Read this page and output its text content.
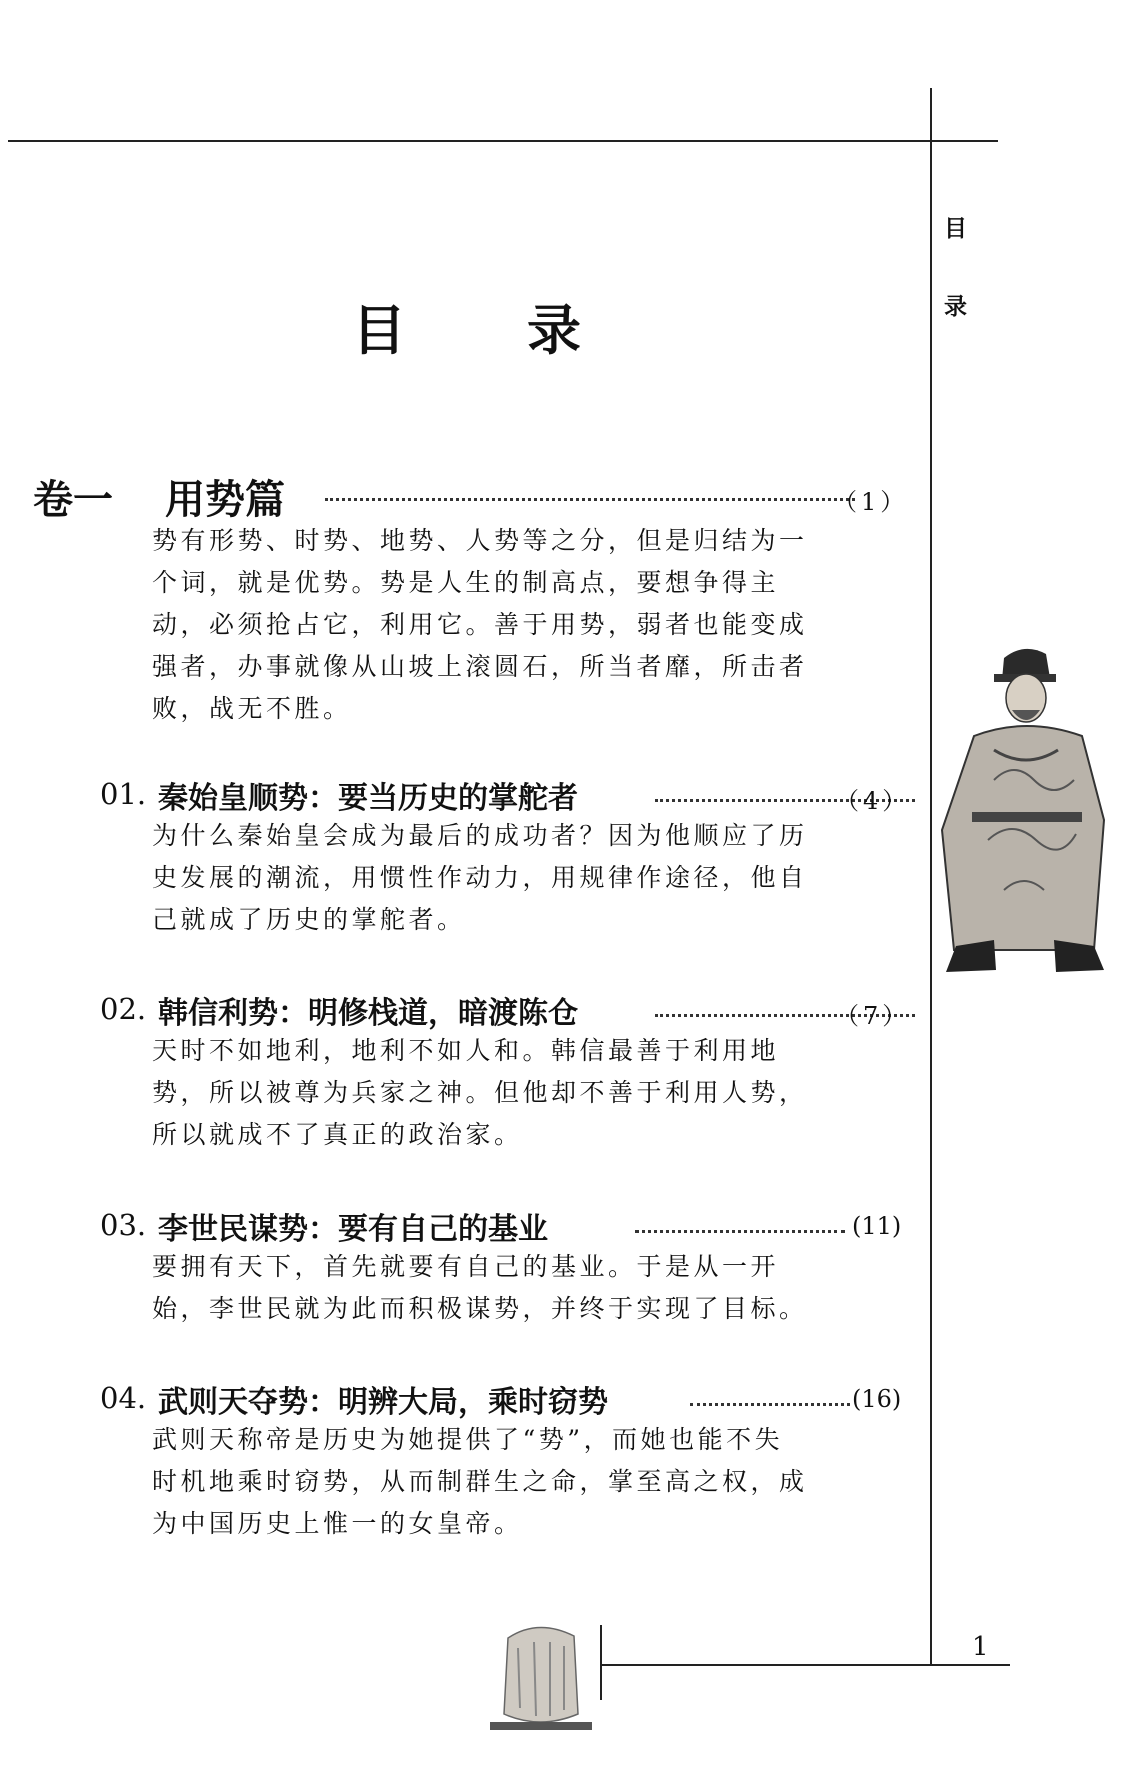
目
录
目 录
卷一 用势篇	（1）

势有形势、时势、地势、人势等之分，但是归结为一

个词，就是优势。势是人生的制高点，要想争得主

动，必须抢占它，利用它。善于用势，弱者也能变成

强者，办事就像从山坡上滚圆石，所当者靡，所击者

败，战无不胜。

01. 秦始皇顺势：要当历史的掌舵者	（4）

为什么秦始皇会成为最后的成功者？因为他顺应了历

史发展的潮流，用惯性作动力，用规律作途径，他自

己就成了历史的掌舵者。

02. 韩信利势：明修栈道，暗渡陈仓	（7）

天时不如地利，地利不如人和。韩信最善于利用地

势，所以被尊为兵家之神。但他却不善于利用人势，

所以就成不了真正的政治家。

03. 李世民谋势：要有自己的基业	(11)

要拥有天下，首先就要有自己的基业。于是从一开

始，李世民就为此而积极谋势，并终于实现了目标。

04. 武则天夺势：明辨大局，乘时窃势	(16)

武则天称帝是历史为她提供了“势”，而她也能不失

时机地乘时窃势，从而制群生之命，掌至高之权，成

为中国历史上惟一的女皇帝。

1
